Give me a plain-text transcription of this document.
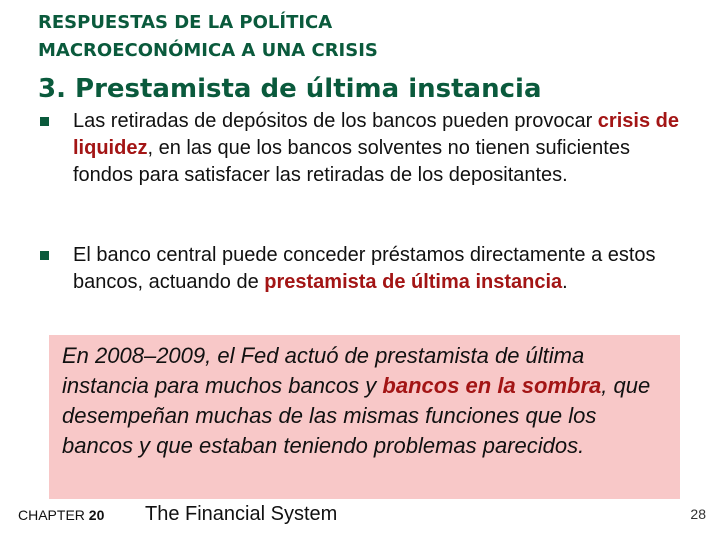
RESPUESTAS DE LA POLÍTICA
MACROECONÓMICA A UNA CRISIS
3. Prestamista de última instancia
Las retiradas de depósitos de los bancos pueden provocar crisis de liquidez, en las que los bancos solventes no tienen suficientes fondos para satisfacer las retiradas de los depositantes.
El banco central puede conceder préstamos directamente a estos bancos, actuando de prestamista de última instancia.
En 2008–2009, el Fed actuó de prestamista de última instancia para muchos bancos y bancos en la sombra, que desempeñan muchas de las mismas funciones que los bancos y que estaban teniendo problemas parecidos.
CHAPTER 20 The Financial System	28
